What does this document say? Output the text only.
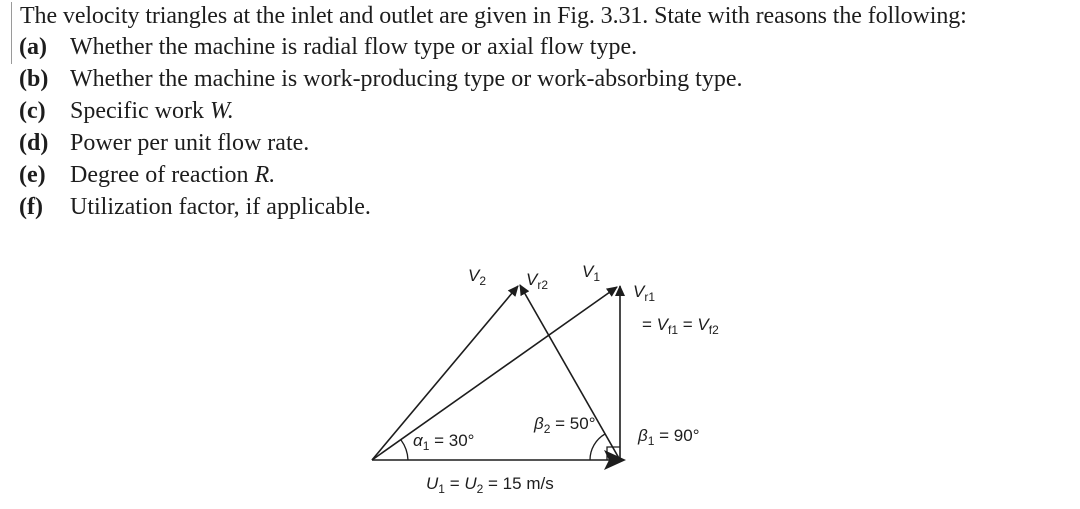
The velocity triangles at the inlet and outlet are given in Fig. 3.31. State with reasons the following:
(a) Whether the machine is radial flow type or axial flow type.
(b) Whether the machine is work-producing type or work-absorbing type.
(c) Specific work W.
(d) Power per unit flow rate.
(e) Degree of reaction R.
(f) Utilization factor, if applicable.
$V_2$ $V_{r2}$
$V_1$
$V_{r1}$
= $V_{f1} = V_{f2}$
$\alpha_1 = 30^\circ$
$\beta_2 = 50^\circ$
$\beta_1 = 90^\circ$
$U_1 = U_2 = 15$ m/s
